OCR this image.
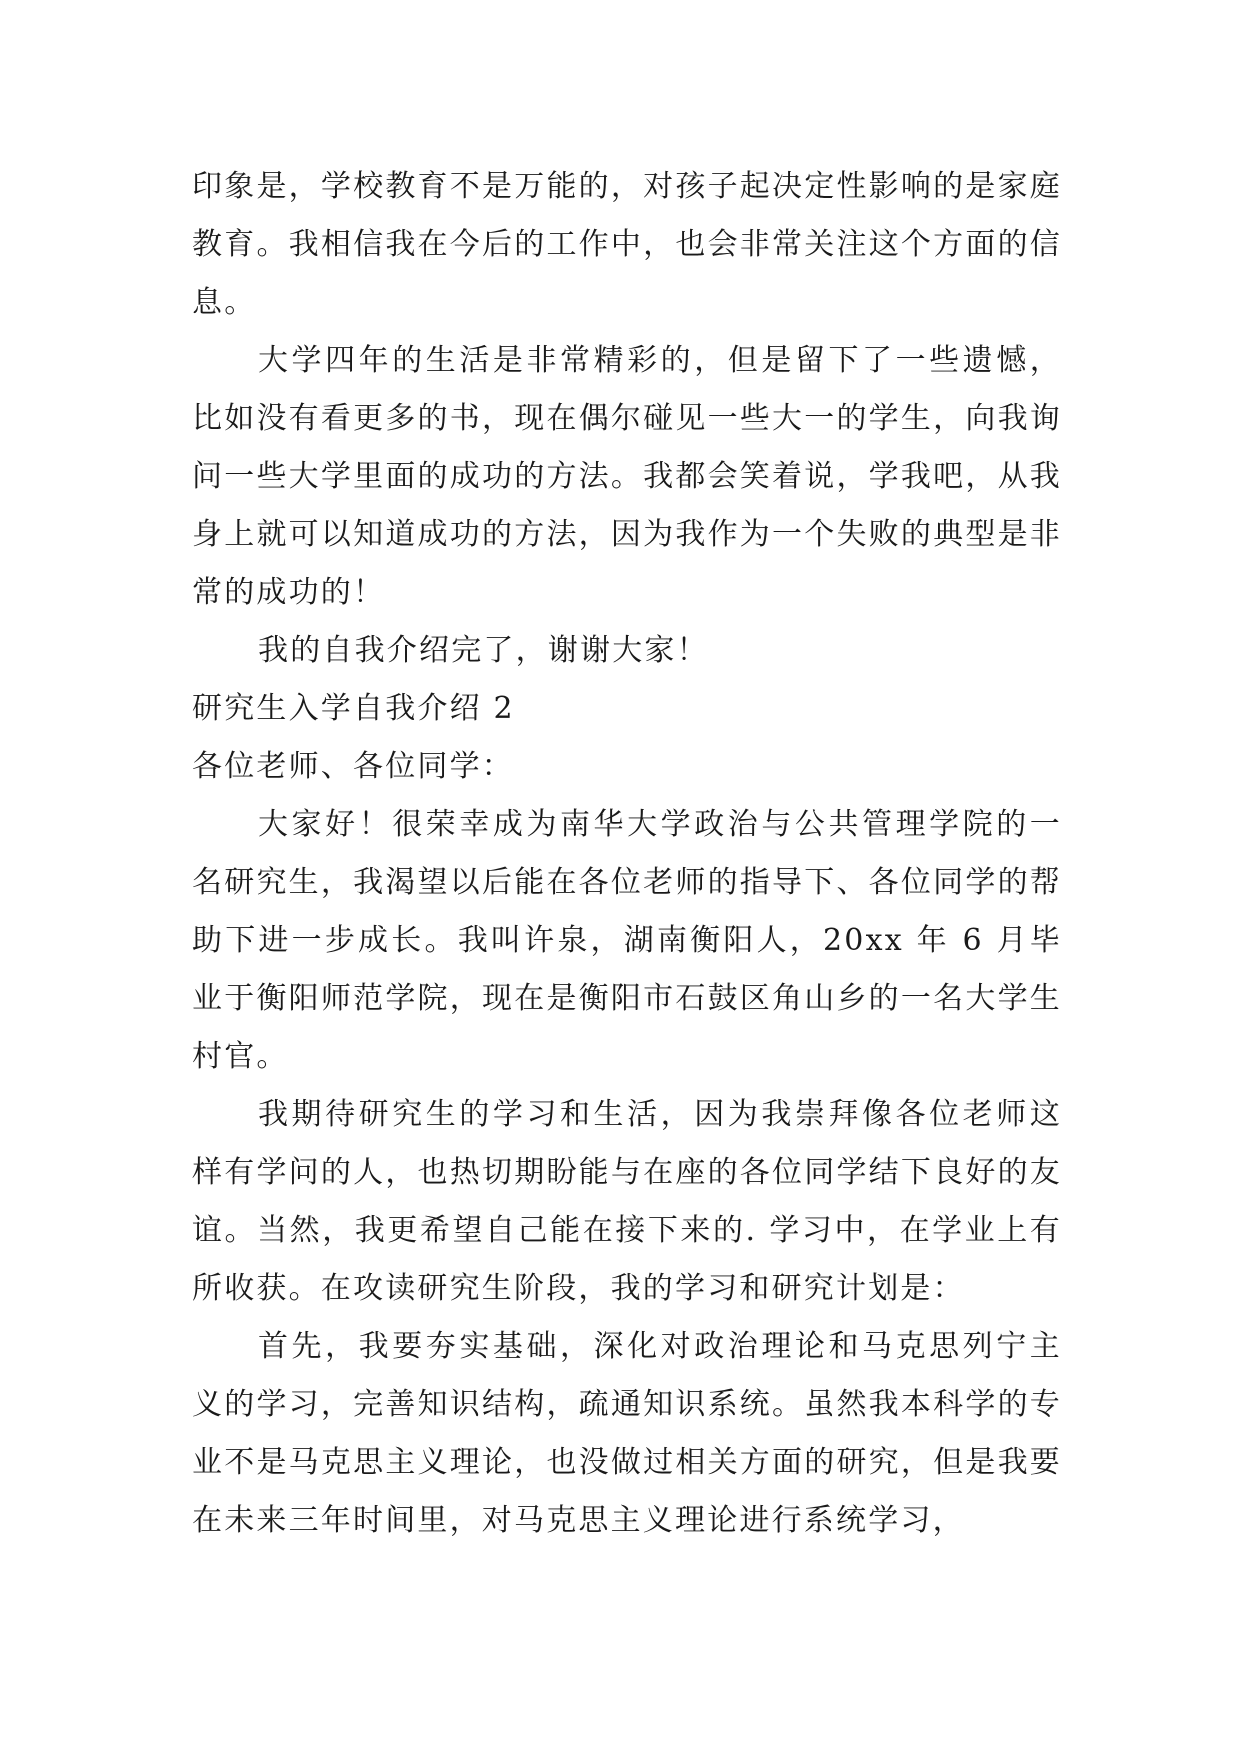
印象是，学校教育不是万能的，对孩子起决定性影响的是家庭教育。我相信我在今后的工作中，也会非常关注这个方面的信息。

大学四年的生活是非常精彩的，但是留下了一些遗憾，比如没有看更多的书，现在偶尔碰见一些大一的学生，向我询问一些大学里面的成功的方法。我都会笑着说，学我吧，从我身上就可以知道成功的方法，因为我作为一个失败的典型是非常的成功的！

我的自我介绍完了，谢谢大家！

研究生入学自我介绍 2

各位老师、各位同学：

大家好！很荣幸成为南华大学政治与公共管理学院的一名研究生，我渴望以后能在各位老师的指导下、各位同学的帮助下进一步成长。我叫许泉，湖南衡阳人，20xx 年 6 月毕业于衡阳师范学院，现在是衡阳市石鼓区角山乡的一名大学生村官。

我期待研究生的学习和生活，因为我崇拜像各位老师这样有学问的人，也热切期盼能与在座的各位同学结下良好的友谊。当然，我更希望自己能在接下来的. 学习中，在学业上有所收获。在攻读研究生阶段，我的学习和研究计划是：

首先，我要夯实基础，深化对政治理论和马克思列宁主义的学习，完善知识结构，疏通知识系统。虽然我本科学的专业不是马克思主义理论，也没做过相关方面的研究，但是我要在未来三年时间里，对马克思主义理论进行系统学习，
